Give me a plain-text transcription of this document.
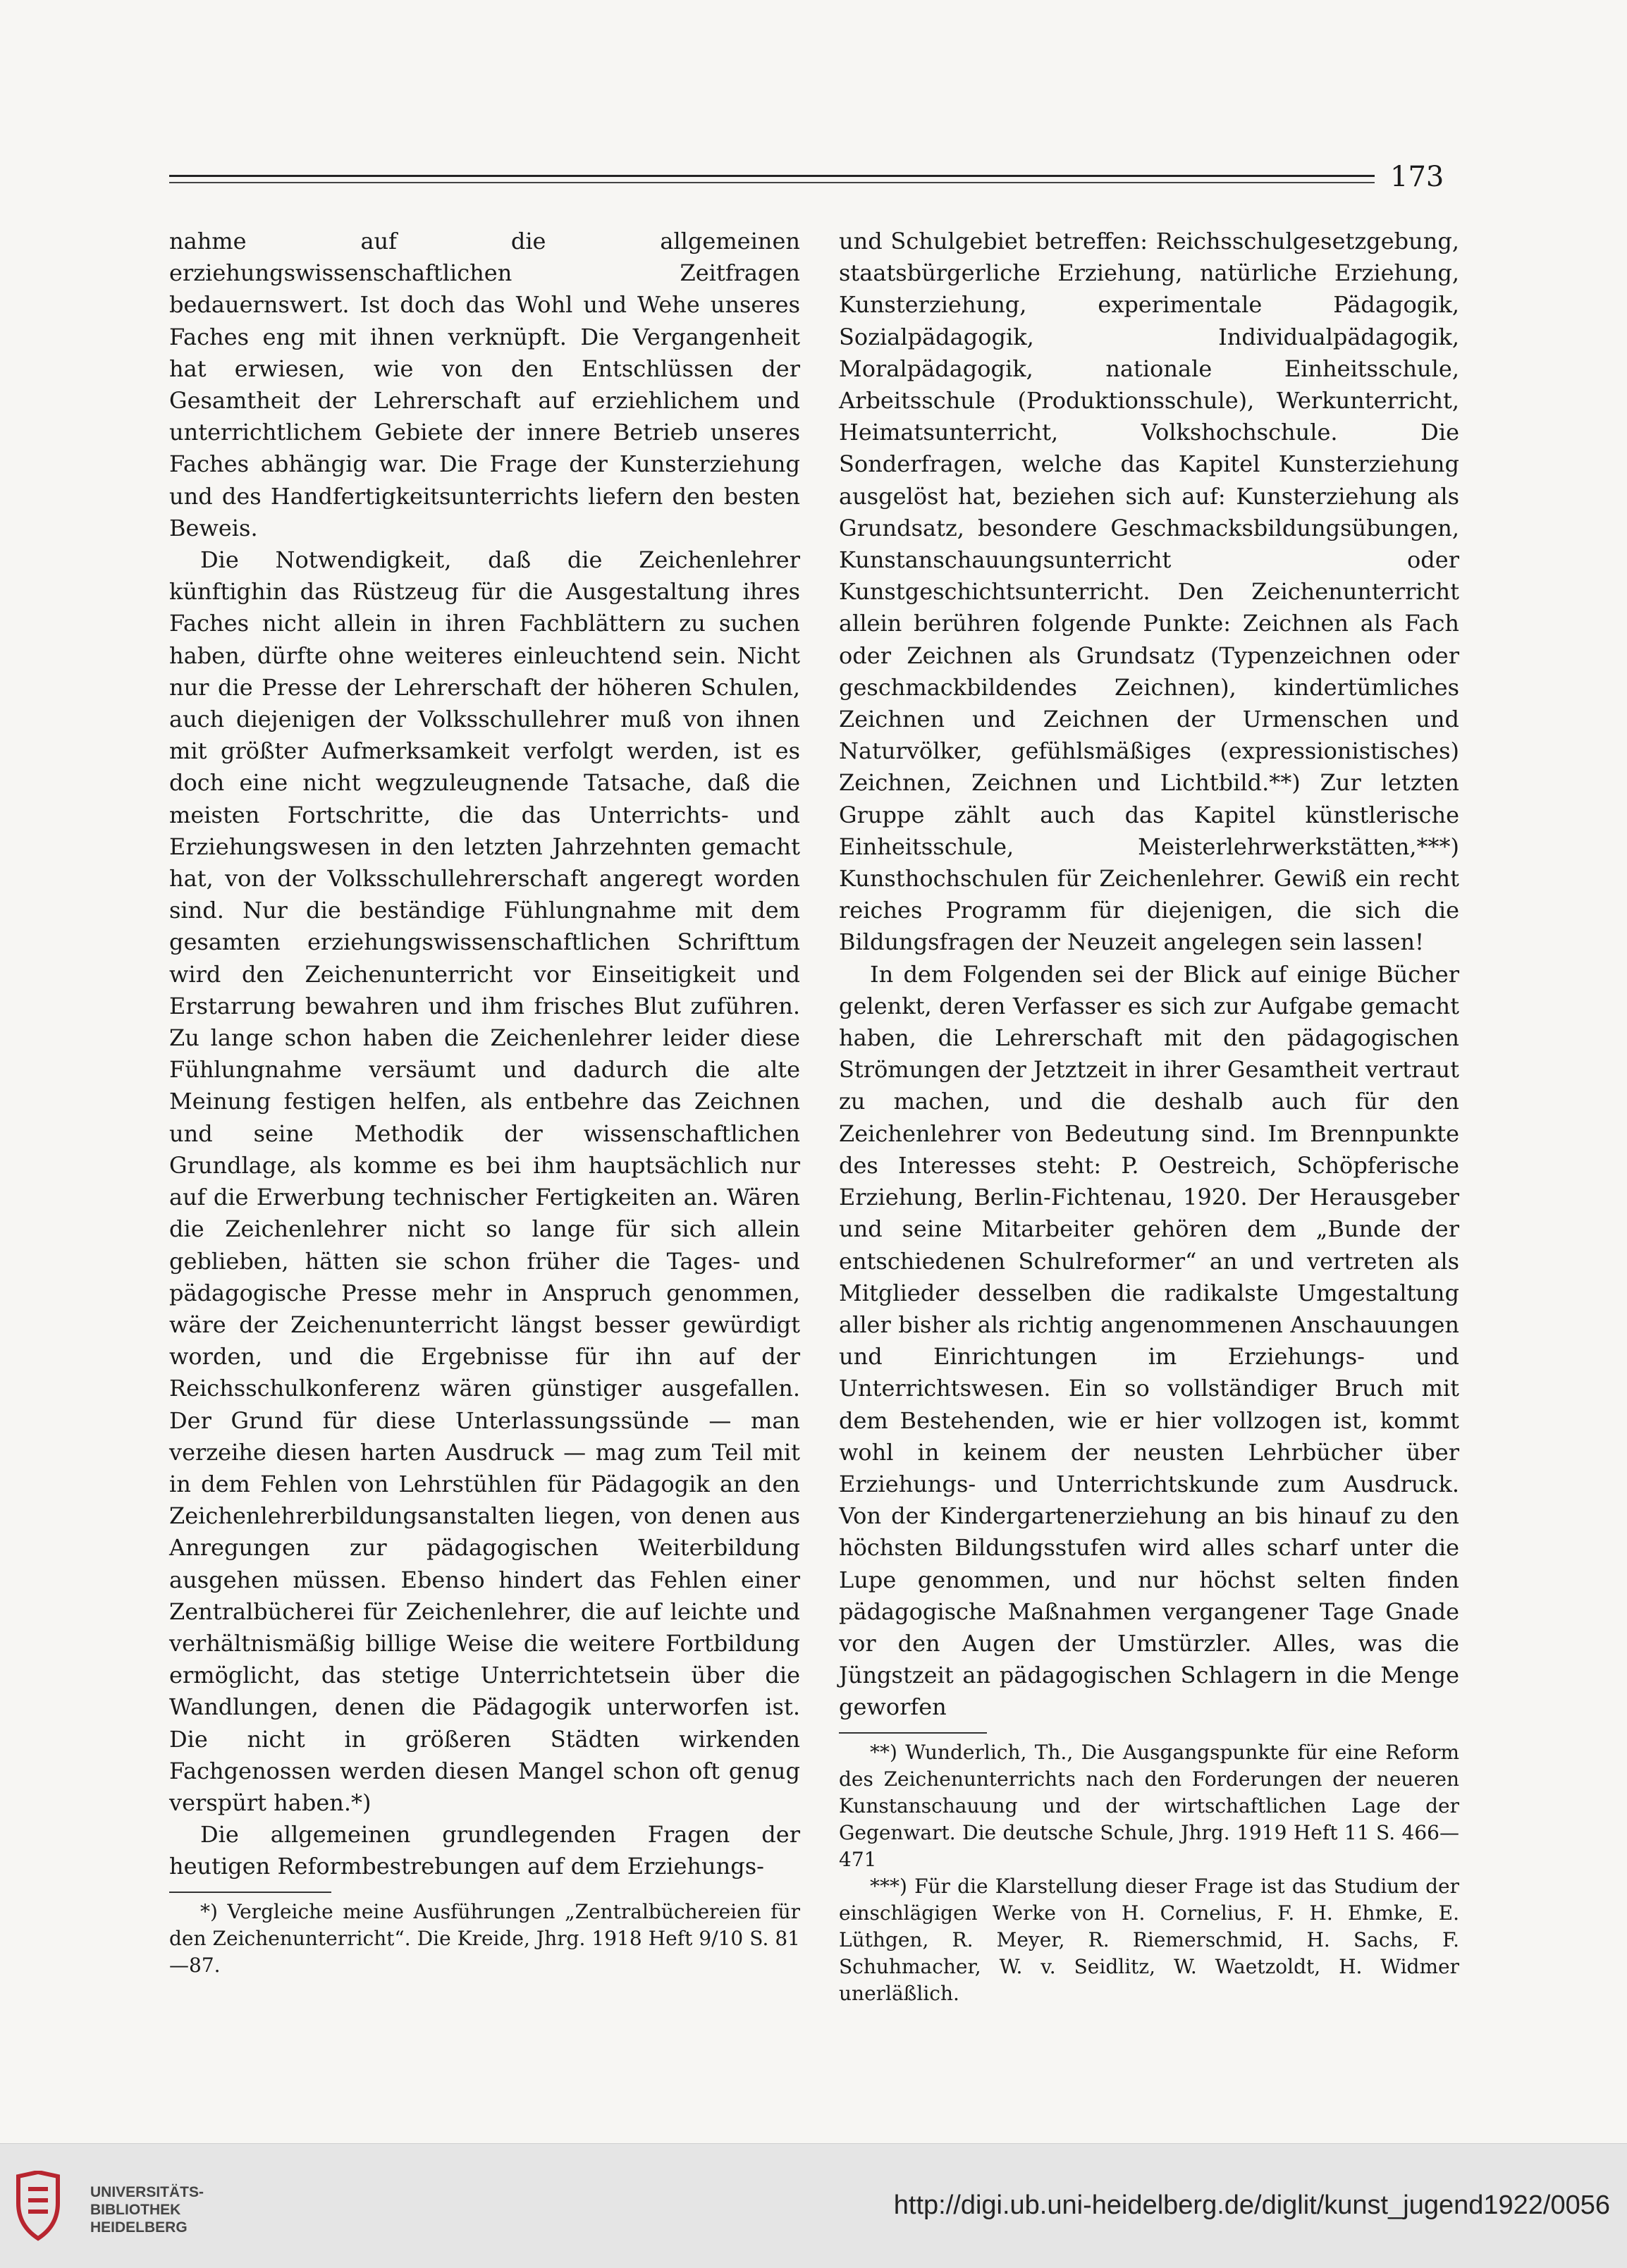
173

nahme auf die allgemeinen erziehungswissenschaftlichen Zeitfragen bedauernswert. Ist doch das Wohl und Wehe unseres Faches eng mit ihnen verknüpft. Die Vergangenheit hat erwiesen, wie von den Entschlüssen der Gesamtheit der Lehrerschaft auf erziehlichem und unterrichtlichem Gebiete der innere Betrieb unseres Faches abhängig war. Die Frage der Kunsterziehung und des Handfertigkeitsunterrichts liefern den besten Beweis.

Die Notwendigkeit, daß die Zeichenlehrer künftighin das Rüstzeug für die Ausgestaltung ihres Faches nicht allein in ihren Fachblättern zu suchen haben, dürfte ohne weiteres einleuchtend sein. Nicht nur die Presse der Lehrerschaft der höheren Schulen, auch diejenigen der Volksschullehrer muß von ihnen mit größter Aufmerksamkeit verfolgt werden, ist es doch eine nicht wegzuleugnende Tatsache, daß die meisten Fortschritte, die das Unterrichts- und Erziehungswesen in den letzten Jahrzehnten gemacht hat, von der Volksschullehrerschaft angeregt worden sind. Nur die beständige Fühlungnahme mit dem gesamten erziehungswissenschaftlichen Schrifttum wird den Zeichenunterricht vor Einseitigkeit und Erstarrung bewahren und ihm frisches Blut zuführen. Zu lange schon haben die Zeichenlehrer leider diese Fühlungnahme versäumt und dadurch die alte Meinung festigen helfen, als entbehre das Zeichnen und seine Methodik der wissenschaftlichen Grundlage, als komme es bei ihm hauptsächlich nur auf die Erwerbung technischer Fertigkeiten an. Wären die Zeichenlehrer nicht so lange für sich allein geblieben, hätten sie schon früher die Tages- und pädagogische Presse mehr in Anspruch genommen, wäre der Zeichenunterricht längst besser gewürdigt worden, und die Ergebnisse für ihn auf der Reichsschulkonferenz wären günstiger ausgefallen. Der Grund für diese Unterlassungssünde — man verzeihe diesen harten Ausdruck — mag zum Teil mit in dem Fehlen von Lehrstühlen für Pädagogik an den Zeichenlehrerbildungsanstalten liegen, von denen aus Anregungen zur pädagogischen Weiterbildung ausgehen müssen. Ebenso hindert das Fehlen einer Zentralbücherei für Zeichenlehrer, die auf leichte und verhältnismäßig billige Weise die weitere Fortbildung ermöglicht, das stetige Unterrichtetsein über die Wandlungen, denen die Pädagogik unterworfen ist. Die nicht in größeren Städten wirkenden Fachgenossen werden diesen Mangel schon oft genug verspürt haben.*)

Die allgemeinen grundlegenden Fragen der heutigen Reformbestrebungen auf dem Erziehungs-

*) Vergleiche meine Ausführungen „Zentralbüchereien für den Zeichenunterricht“. Die Kreide, Jhrg. 1918 Heft 9/10 S. 81—87.

und Schulgebiet betreffen: Reichsschulgesetzgebung, staatsbürgerliche Erziehung, natürliche Erziehung, Kunsterziehung, experimentale Pädagogik, Sozialpädagogik, Individualpädagogik, Moralpädagogik, nationale Einheitsschule, Arbeitsschule (Produktionsschule), Werkunterricht, Heimatsunterricht, Volkshochschule. Die Sonderfragen, welche das Kapitel Kunsterziehung ausgelöst hat, beziehen sich auf: Kunsterziehung als Grundsatz, besondere Geschmacksbildungsübungen, Kunstanschauungsunterricht oder Kunstgeschichtsunterricht. Den Zeichenunterricht allein berühren folgende Punkte: Zeichnen als Fach oder Zeichnen als Grundsatz (Typenzeichnen oder geschmackbildendes Zeichnen), kindertümliches Zeichnen und Zeichnen der Urmenschen und Naturvölker, gefühlsmäßiges (expressionistisches) Zeichnen, Zeichnen und Lichtbild.**) Zur letzten Gruppe zählt auch das Kapitel künstlerische Einheitsschule, Meisterlehrwerkstätten,***) Kunsthochschulen für Zeichenlehrer. Gewiß ein recht reiches Programm für diejenigen, die sich die Bildungsfragen der Neuzeit angelegen sein lassen!

In dem Folgenden sei der Blick auf einige Bücher gelenkt, deren Verfasser es sich zur Aufgabe gemacht haben, die Lehrerschaft mit den pädagogischen Strömungen der Jetztzeit in ihrer Gesamtheit vertraut zu machen, und die deshalb auch für den Zeichenlehrer von Bedeutung sind. Im Brennpunkte des Interesses steht: P. Oestreich, Schöpferische Erziehung, Berlin-Fichtenau, 1920. Der Herausgeber und seine Mitarbeiter gehören dem „Bunde der entschiedenen Schulreformer“ an und vertreten als Mitglieder desselben die radikalste Umgestaltung aller bisher als richtig angenommenen Anschauungen und Einrichtungen im Erziehungs- und Unterrichtswesen. Ein so vollständiger Bruch mit dem Bestehenden, wie er hier vollzogen ist, kommt wohl in keinem der neusten Lehrbücher über Erziehungs- und Unterrichtskunde zum Ausdruck. Von der Kindergartenerziehung an bis hinauf zu den höchsten Bildungsstufen wird alles scharf unter die Lupe genommen, und nur höchst selten finden pädagogische Maßnahmen vergangener Tage Gnade vor den Augen der Umstürzler. Alles, was die Jüngstzeit an pädagogischen Schlagern in die Menge geworfen

**) Wunderlich, Th., Die Ausgangspunkte für eine Reform des Zeichenunterrichts nach den Forderungen der neueren Kunstanschauung und der wirtschaftlichen Lage der Gegenwart. Die deutsche Schule, Jhrg. 1919 Heft 11 S. 466—471

***) Für die Klarstellung dieser Frage ist das Studium der einschlägigen Werke von H. Cornelius, F. H. Ehmke, E. Lüthgen, R. Meyer, R. Riemerschmid, H. Sachs, F. Schuhmacher, W. v. Seidlitz, W. Waetzoldt, H. Widmer unerläßlich.

UNIVERSITÄTS-
BIBLIOTHEK
HEIDELBERG
http://digi.ub.uni-heidelberg.de/diglit/kunst_jugend1922/0056
